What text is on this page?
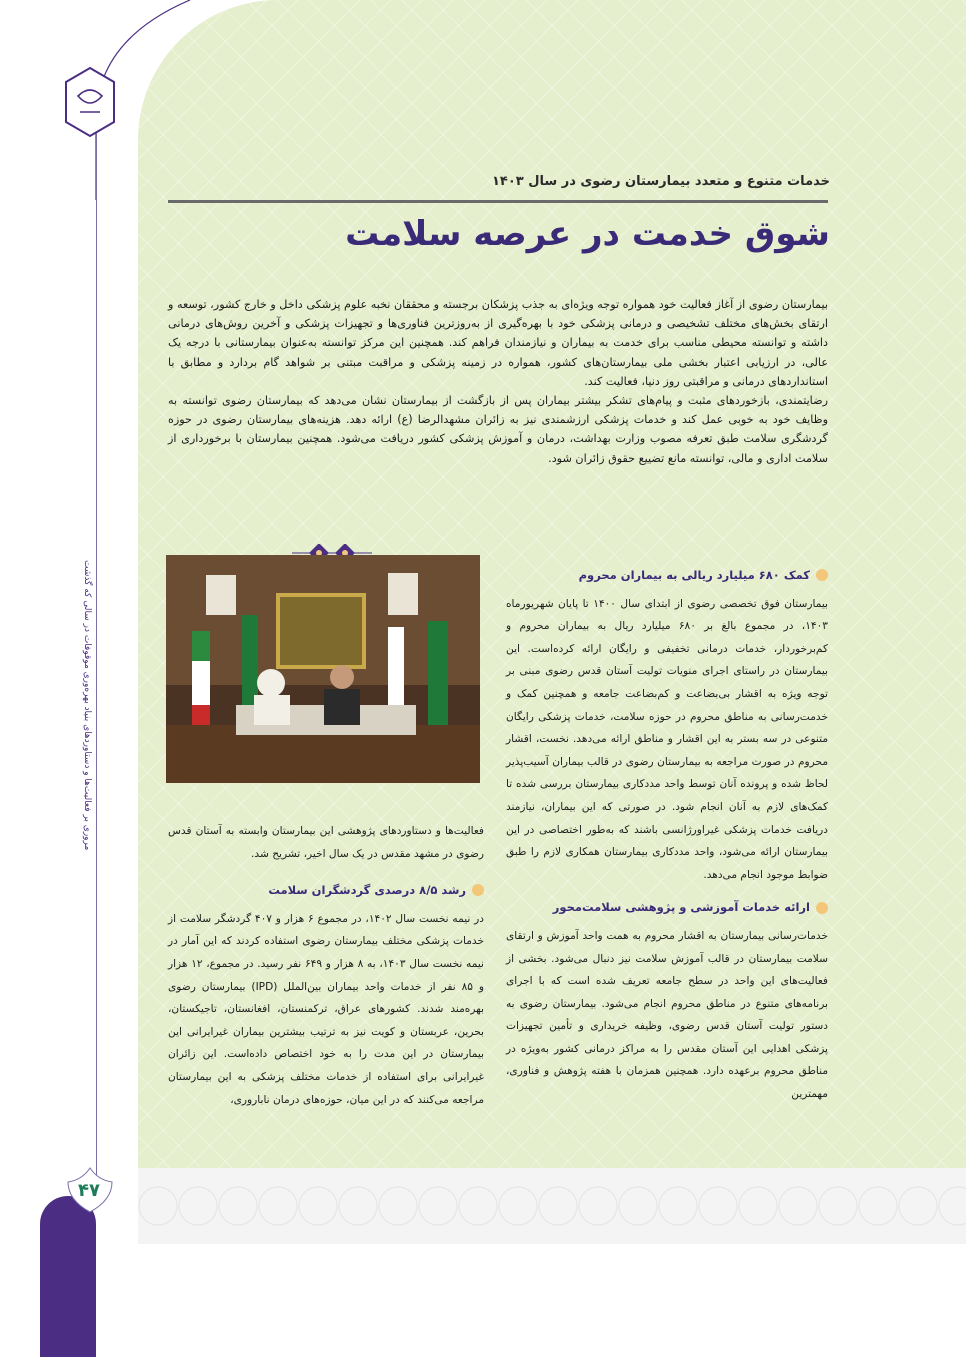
مروری بر فعالیت‌ها و دستاوردهای بنیاد بهره‌وری موقوفات در سالی که گذشت
۴۷
خدمات متنوع و متعدد بیمارستان رضوی در سال ۱۴۰۳
شوق خدمت در عرصه سلامت

بیمارستان رضوی از آغاز فعالیت خود همواره توجه ویژه‌ای به جذب پزشکان برجسته و محققان نخبه علوم پزشکی داخل و خارج کشور، توسعه و ارتقای بخش‌های مختلف تشخیصی و درمانی پزشکی خود با بهره‌گیری از به‌روزترین فناوری‌ها و تجهیزات پزشکی و آخرین روش‌های درمانی داشته و توانسته محیطی مناسب برای خدمت به بیماران و نیازمندان فراهم کند. همچنین این مرکز توانسته به‌عنوان بیمارستانی با درجه یک عالی، در ارزیابی اعتبار بخشی ملی بیمارستان‌های کشور، همواره در زمینه پزشکی و مراقبت مبتنی بر شواهد گام بردارد و مطابق با استانداردهای درمانی و مراقبتی روز دنیا، فعالیت کند.

رضایتمندی، بازخوردهای مثبت و پیام‌های تشکر بیشتر بیماران پس از بازگشت از بیمارستان نشان می‌دهد که بیمارستان رضوی توانسته به وظایف خود به خوبی عمل کند و خدمات پزشکی ارزشمندی نیز به زائران مشهدالرضا (ع) ارائه دهد. هزینه‌های بیمارستان رضوی در حوزه گردشگری سلامت طبق تعرفه مصوب وزارت بهداشت، درمان و آموزش پزشکی کشور دریافت می‌شود. همچنین بیمارستان با برخورداری از سلامت اداری و مالی، توانسته مانع تضییع حقوق زائران شود.

کمک ۶۸۰ میلیارد ریالی به بیماران محروم

بیمارستان فوق تخصصی رضوی از ابتدای سال ۱۴۰۰ تا پایان شهریورماه ۱۴۰۳، در مجموع بالغ بر ۶۸۰ میلیارد ریال به بیماران محروم و کم‌برخوردار، خدمات درمانی تخفیفی و رایگان ارائه کرده‌است. این بیمارستان در راستای اجرای منویات تولیت آستان قدس رضوی مبنی بر توجه ویژه به اقشار بی‌بضاعت و کم‌بضاعت جامعه و همچنین کمک و خدمت‌رسانی به مناطق محروم در حوزه سلامت، خدمات پزشکی رایگان متنوعی در سه بستر به این اقشار و مناطق ارائه می‌دهد. نخست، اقشار محروم در صورت مراجعه به بیمارستان رضوی در قالب بیماران آسیب‌پذیر لحاظ شده و پرونده آنان توسط واحد مددکاری بیمارستان بررسی شده تا کمک‌های لازم به آنان انجام شود. در صورتی که این بیماران، نیازمند دریافت خدمات پزشکی غیراورژانسی باشند که به‌طور اختصاصی در این بیمارستان ارائه می‌شود، واحد مددکاری بیمارستان همکاری لازم را طبق ضوابط موجود انجام می‌دهد.

ارائه خدمات آموزشی و پژوهشی سلامت‌محور

خدمات‌رسانی بیمارستان به اقشار محروم به همت واحد آموزش و ارتقای سلامت بیمارستان در قالب آموزش سلامت نیز دنبال می‌شود. بخشی از فعالیت‌های این واحد در سطح جامعه تعریف شده است که با اجرای برنامه‌های متنوع در مناطق محروم انجام می‌شود. بیمارستان رضوی به دستور تولیت آستان قدس رضوی، وظیفه خریداری و تأمین تجهیزات پزشکی اهدایی این آستان مقدس را به مراکز درمانی کشور به‌ویژه در مناطق محروم برعهده دارد. همچنین همزمان با هفته پژوهش و فناوری، مهمترین

فعالیت‌ها و دستاوردهای پژوهشی این بیمارستان وابسته به آستان قدس رضوی در مشهد مقدس در یک سال اخیر، تشریح شد.

رشد ۸/۵ درصدی گردشگران سلامت

در نیمه نخست سال ۱۴۰۲، در مجموع ۶ هزار و ۴۰۷ گردشگر سلامت از خدمات پزشکی مختلف بیمارستان رضوی استفاده کردند که این آمار در نیمه نخست سال ۱۴۰۳، به ۸ هزار و ۶۴۹ نفر رسید. در مجموع، ۱۲ هزار و ۸۵ نفر از خدمات واحد بیماران بین‌الملل (IPD) بیمارستان رضوی بهره‌مند شدند. کشورهای عراق، ترکمنستان، افغانستان، تاجیکستان، بحرین، عربستان و کویت نیز به ترتیب بیشترین بیماران غیرایرانی این بیمارستان در این مدت را به خود اختصاص داده‌است. این زائران غیرایرانی برای استفاده از خدمات مختلف پزشکی به این بیمارستان مراجعه می‌کنند که در این میان، حوزه‌های درمان ناباروری،
